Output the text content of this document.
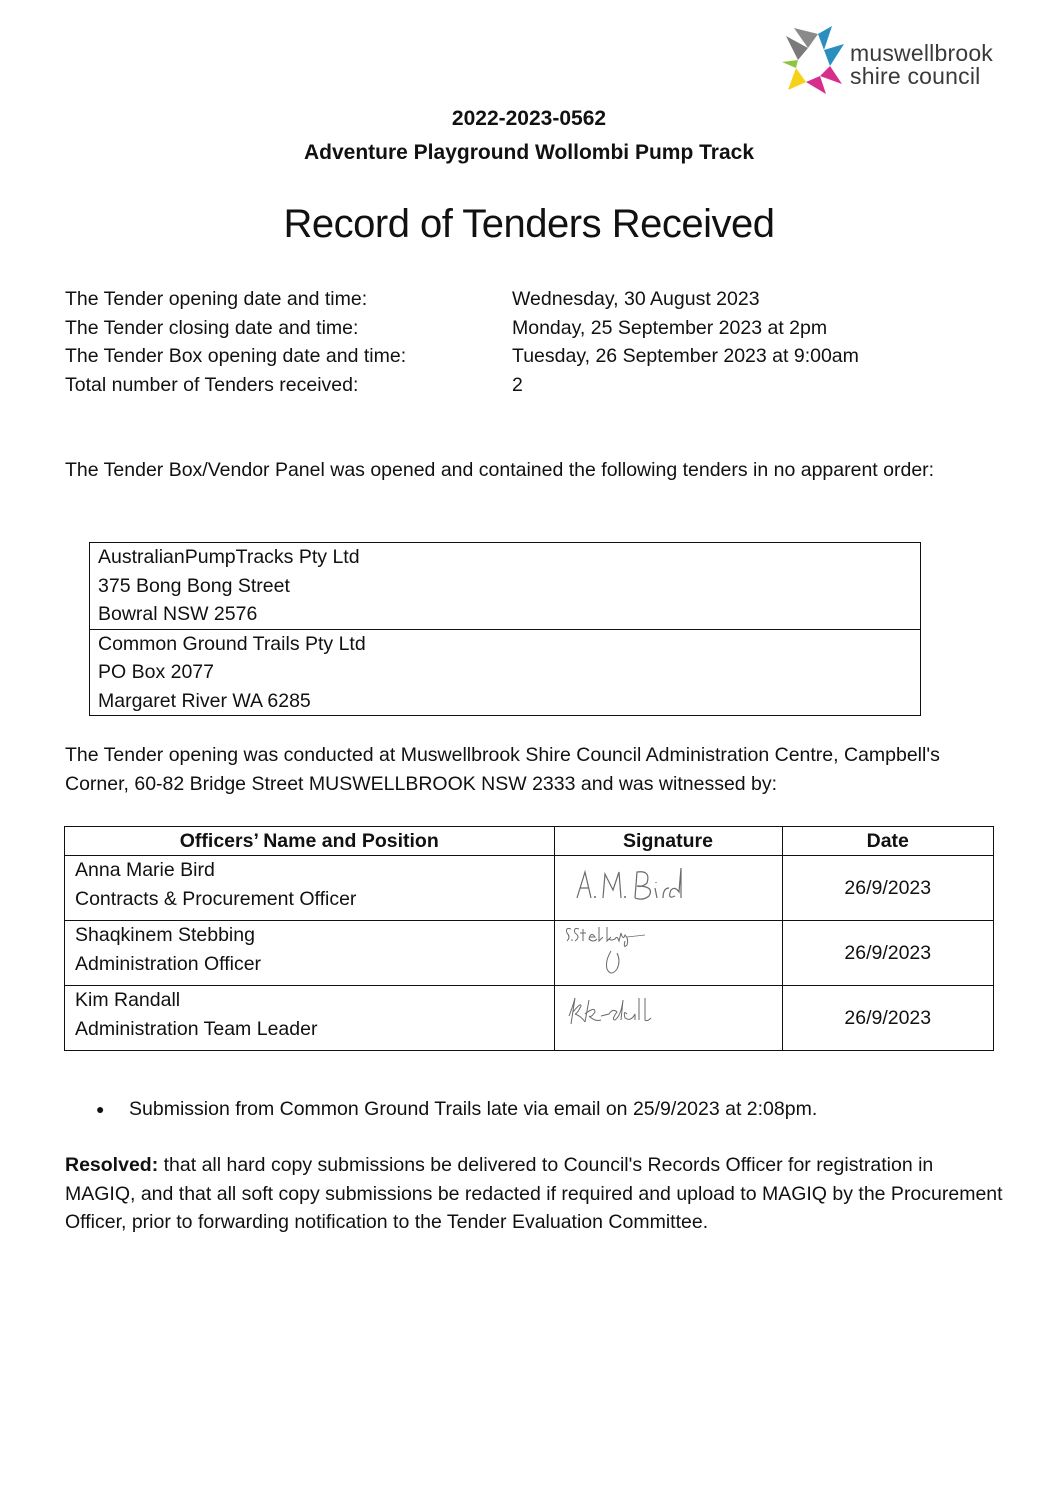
muswellbrook
shire council
2022-2023-0562
Adventure Playground Wollombi Pump Track
Record of Tenders Received
The Tender opening date and time:	Wednesday, 30 August 2023
The Tender closing date and time:	Monday, 25 September 2023 at 2pm
The Tender Box opening date and time:	Tuesday, 26 September 2023 at 9:00am
Total number of Tenders received:	2
The Tender Box/Vendor Panel was opened and contained the following tenders in no apparent order:
AustralianPumpTracks Pty Ltd
375 Bong Bong Street
Bowral NSW 2576
Common Ground Trails Pty Ltd
PO Box 2077
Margaret River WA 6285
The Tender opening was conducted at Muswellbrook Shire Council Administration Centre, Campbell's Corner, 60-82 Bridge Street MUSWELLBROOK NSW 2333 and was witnessed by:
Officers’ Name and Position	Signature	Date

Anna Marie Bird
Contracts & Procurement Officer		26/9/2023

Shaqkinem Stebbing
Administration Officer		26/9/2023

Kim Randall
Administration Team Leader		26/9/2023
● Submission from Common Ground Trails late via email on 25/9/2023 at 2:08pm.
Resolved: that all hard copy submissions be delivered to Council's Records Officer for registration in MAGIQ, and that all soft copy submissions be redacted if required and upload to MAGIQ by the Procurement Officer, prior to forwarding notification to the Tender Evaluation Committee.
